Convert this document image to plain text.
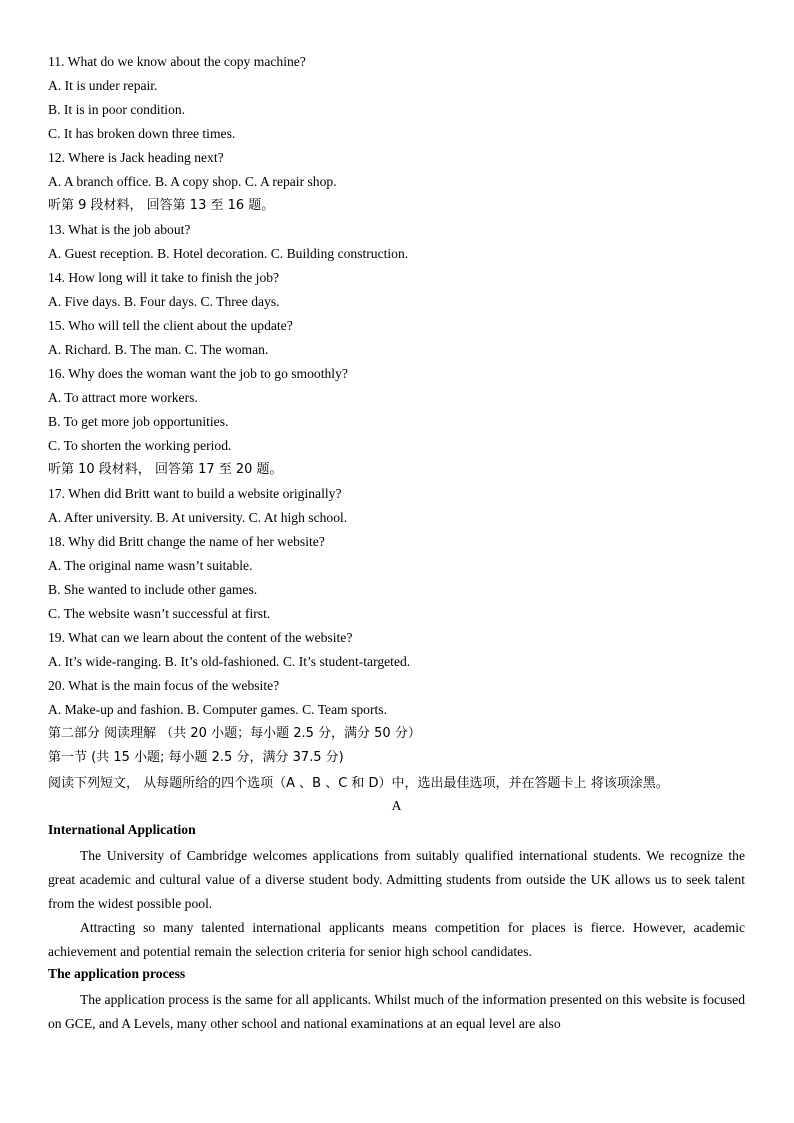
11. What do we know about the copy machine?
A. It is under repair.
B. It is in poor condition.
C. It has broken down three times.
12. Where is Jack heading next?
A. A branch office. B. A copy shop. C. A repair shop.
听第 9 段材料， 回答第 13 至 16 题。
13. What is the job about?
A. Guest reception. B. Hotel decoration. C. Building construction.
14. How long will it take to finish the job?
A. Five days. B. Four days. C. Three days.
15. Who will tell the client about the update?
A. Richard. B. The man. C. The woman.
16. Why does the woman want the job to go smoothly?
A. To attract more workers.
B. To get more job opportunities.
C. To shorten the working period.
听第 10 段材料， 回答第 17 至 20 题。
17. When did Britt want to build a website originally?
A. After university. B. At university. C. At high school.
18. Why did Britt change the name of her website?
A. The original name wasn’t suitable.
B. She wanted to include other games.
C. The website wasn’t successful at first.
19. What can we learn about the content of the website?
A. It’s wide-ranging. B. It’s old-fashioned. C. It’s student-targeted.
20. What is the main focus of the website?
A. Make-up and fashion. B. Computer games. C. Team sports.
第二部分 阅读理解 （共 20 小题；每小题 2.5 分，满分 50 分）
第一节 (共 15 小题; 每小题 2.5 分，满分 37.5 分)
阅读下列短文， 从每题所给的四个选项（A 、B 、C 和 D）中，选出最佳选项，并在答题卡上 将该项涂黑。
A
International Application
The University of Cambridge welcomes applications from suitably qualified international students. We recognize the great academic and cultural value of a diverse student body. Admitting students from outside the UK allows us to seek talent from the widest possible pool.
Attracting so many talented international applicants means competition for places is fierce. However, academic achievement and potential remain the selection criteria for senior high school candidates.
The application process
The application process is the same for all applicants. Whilst much of the information presented on this website is focused on GCE, and A Levels, many other school and national examinations at an equal level are also
